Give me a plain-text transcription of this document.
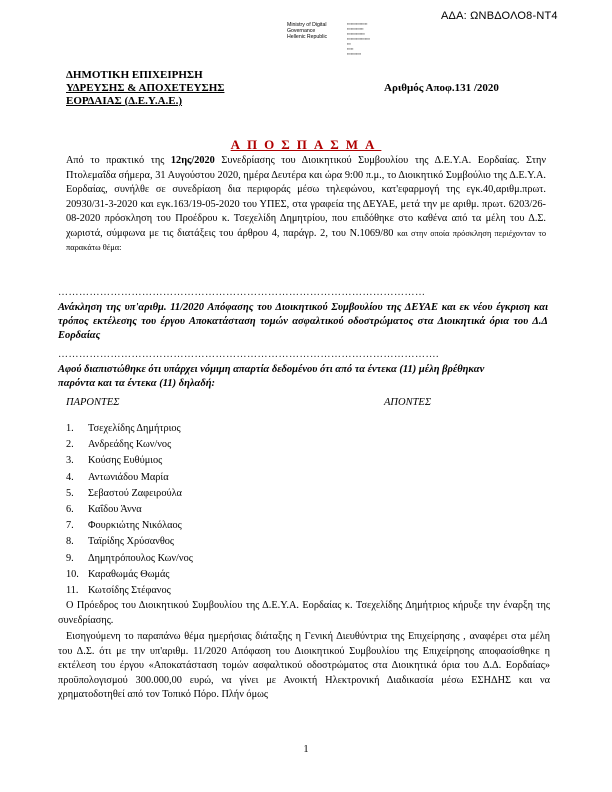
ΑΔΑ: ΩΝΒΔΟΛΟ8-ΝΤ4
Ministry of Digital
Governance
Hellenic Republic
▪▪▪▪▪▪▪▪▪▪▪▪▪▪▪▪
▪▪▪▪▪▪▪▪▪▪▪▪▪
▪▪▪▪▪▪▪▪▪▪▪▪▪▪
▪▪▪▪▪▪▪▪▪▪▪▪▪▪▪▪▪▪
▪▪▪
▪▪▪▪▪
▪▪▪▪▪▪▪▪▪▪▪
ΔΗΜΟΤΙΚΗ ΕΠΙΧΕΙΡΗΣΗ
ΥΔΡΕΥΣΗΣ & ΑΠΟΧΕΤΕΥΣΗΣ
ΕΟΡΔΑΙΑΣ (Δ.Ε.Υ.Α.Ε.)
Αριθμός Αποφ.131 /2020
ΑΠΟΣΠΑΣΜΑ
Από το πρακτικό της 12ης/2020 Συνεδρίασης του Διοικητικού Συμβουλίου της Δ.Ε.Υ.Α. Εορδαίας. Στην Πτολεμαΐδα σήμερα, 31 Αυγούστου 2020, ημέρα Δευτέρα και ώρα 9:00 π.μ., το Διοικητικό Συμβούλιο της Δ.Ε.Υ.Α. Εορδαίας, συνήλθε σε συνεδρίαση δια περιφοράς μέσω τηλεφώνου, κατ'εφαρμογή της εγκ.40,αριθμ.πρωτ. 20930/31-3-2020 και εγκ.163/19-05-2020 του ΥΠΕΣ, στα γραφεία της ΔΕΥΑΕ, μετά την με αριθμ. πρωτ. 6203/26-08-2020 πρόσκληση του Προέδρου κ. Τσεχελίδη Δημητρίου, που επιδόθηκε στο καθένα από τα μέλη του Δ.Σ. χωριστά, σύμφωνα με τις διατάξεις του άρθρου 4, παράγρ. 2, του Ν.1069/80 και στην οποία πρόσκληση περιέχονταν το παρακάτω θέμα:
……………………………………………………………………………………………
Ανάκληση της υπ'αριθμ. 11/2020 Απόφασης του Διοικητικού Συμβουλίου της ΔΕΥΑΕ και εκ νέου έγκριση και τρόπος εκτέλεσης του έργου Αποκατάσταση τομών ασφαλτικού οδοστρώματος στα Διοικητικά όρια του Δ.Δ Εορδαίας
……………………………………………………………………………………………….
Αφού διαπιστώθηκε ότι υπάρχει νόμιμη απαρτία δεδομένου ότι από τα έντεκα (11) μέλη βρέθηκαν παρόντα και τα έντεκα (11) δηλαδή:
ΠΑΡΟΝΤΕΣ	ΑΠΟΝΤΕΣ
1. Τσεχελίδης Δημήτριος
2. Ανδρεάδης Κων/νος
3. Κούσης Ευθύμιος
4. Αντωνιάδου Μαρία
5. Σεβαστού Ζαφειρούλα
6. Καΐδου Άννα
7. Φουρκιώτης Νικόλαος
8. Ταϊρίδης Χρύσανθος
9. Δημητρόπουλος Κων/νος
10. Καραθωμάς Θωμάς
11. Κωτσίδης Στέφανος

Ο Πρόεδρος του Διοικητικού Συμβουλίου της Δ.Ε.Υ.Α. Εορδαίας κ. Τσεχελίδης Δημήτριος κήρυξε την έναρξη της συνεδρίασης.

Εισηγούμενη το παραπάνω θέμα ημερήσιας διάταξης η Γενική Διευθύντρια της Επιχείρησης , αναφέρει στα μέλη του Δ.Σ. ότι με την υπ'αριθμ. 11/2020 Απόφαση του Διοικητικού Συμβουλίου της Επιχείρησης αποφασίσθηκε η εκτέλεση του έργου «Αποκατάσταση τομών ασφαλτικού οδοστρώματος στα Διοικητικά όρια του Δ.Δ. Εορδαίας» προϋπολογισμού 300.000,00 ευρώ, να γίνει με Ανοικτή Ηλεκτρονική Διαδικασία μέσω ΕΣΗΔΗΣ και να χρηματοδοτηθεί από τον Τοπικό Πόρο. Πλήν όμως

1
